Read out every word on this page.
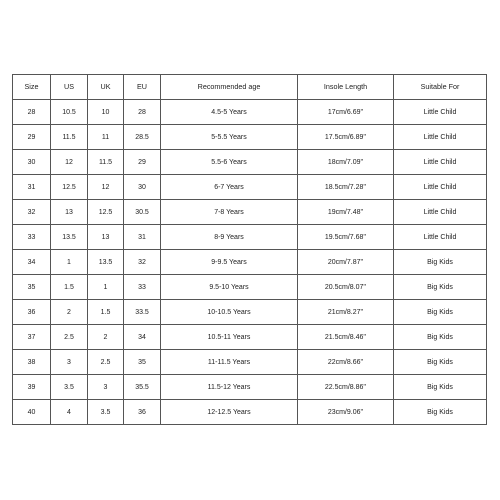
Size	US	UK	EU	Recommended age	Insole Length	Suitable For
28	10.5	10	28	4.5-5 Years	17cm/6.69''	Little Child
29	11.5	11	28.5	5-5.5 Years	17.5cm/6.89''	Little Child
30	12	11.5	29	5.5-6 Years	18cm/7.09''	Little Child
31	12.5	12	30	6-7 Years	18.5cm/7.28''	Little Child
32	13	12.5	30.5	7-8 Years	19cm/7.48''	Little Child
33	13.5	13	31	8-9 Years	19.5cm/7.68''	Little Child
34	1	13.5	32	9-9.5 Years	20cm/7.87''	Big Kids
35	1.5	1	33	9.5-10 Years	20.5cm/8.07''	Big Kids
36	2	1.5	33.5	10-10.5 Years	21cm/8.27''	Big Kids
37	2.5	2	34	10.5-11 Years	21.5cm/8.46''	Big Kids
38	3	2.5	35	11-11.5 Years	22cm/8.66''	Big Kids
39	3.5	3	35.5	11.5-12 Years	22.5cm/8.86''	Big Kids
40	4	3.5	36	12-12.5 Years	23cm/9.06''	Big Kids
